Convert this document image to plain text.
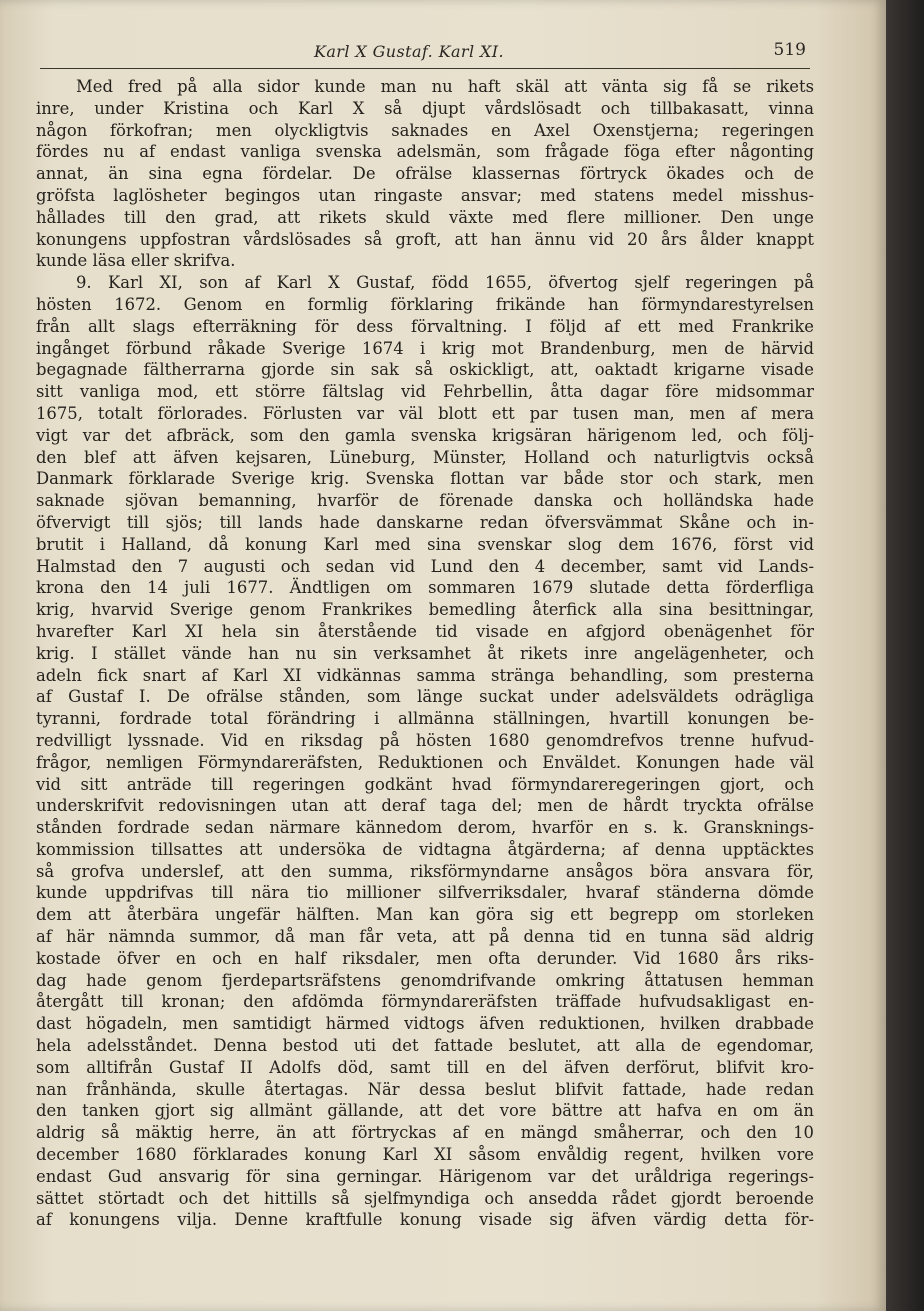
Karl X Gustaf. Karl XI.	519
Med fred på alla sidor kunde man nu haft skäl att vänta sig få se rikets
inre, under Kristina och Karl X så djupt vårdslösadt och tillbakasatt, vinna
någon förkofran; men olyckligtvis saknades en Axel Oxenstjerna; regeringen
fördes nu af endast vanliga svenska adelsmän, som frågade föga efter någonting
annat, än sina egna fördelar. De ofrälse klassernas förtryck ökades och de
gröfsta laglösheter begingos utan ringaste ansvar; med statens medel misshus-
hållades till den grad, att rikets skuld växte med flere millioner. Den unge
konungens uppfostran vårdslösades så groft, att han ännu vid 20 års ålder knappt
kunde läsa eller skrifva.
9. Karl XI, son af Karl X Gustaf, född 1655, öfvertog sjelf regeringen på
hösten 1672. Genom en formlig förklaring frikände han förmyndarestyrelsen
från allt slags efterräkning för dess förvaltning. I följd af ett med Frankrike
ingånget förbund råkade Sverige 1674 i krig mot Brandenburg, men de härvid
begagnade fältherrarna gjorde sin sak så oskickligt, att, oaktadt krigarne visade
sitt vanliga mod, ett större fältslag vid Fehrbellin, åtta dagar före midsommar
1675, totalt förlorades. Förlusten var väl blott ett par tusen man, men af mera
vigt var det afbräck, som den gamla svenska krigsäran härigenom led, och följ-
den blef att äfven kejsaren, Lüneburg, Münster, Holland och naturligtvis också
Danmark förklarade Sverige krig. Svenska flottan var både stor och stark, men
saknade sjövan bemanning, hvarför de förenade danska och holländska hade
öfvervigt till sjös; till lands hade danskarne redan öfversvämmat Skåne och in-
brutit i Halland, då konung Karl med sina svenskar slog dem 1676, först vid
Halmstad den 7 augusti och sedan vid Lund den 4 december, samt vid Lands-
krona den 14 juli 1677. Ändtligen om sommaren 1679 slutade detta förderfliga
krig, hvarvid Sverige genom Frankrikes bemedling återfick alla sina besittningar,
hvarefter Karl XI hela sin återstående tid visade en afgjord obenägenhet för
krig. I stället vände han nu sin verksamhet åt rikets inre angelägenheter, och
adeln fick snart af Karl XI vidkännas samma stränga behandling, som presterna
af Gustaf I. De ofrälse stånden, som länge suckat under adelsväldets odrägliga
tyranni, fordrade total förändring i allmänna ställningen, hvartill konungen be-
redvilligt lyssnade. Vid en riksdag på hösten 1680 genomdrefvos trenne hufvud-
frågor, nemligen Förmyndareräfsten, Reduktionen och Enväldet. Konungen hade väl
vid sitt anträde till regeringen godkänt hvad förmyndareregeringen gjort, och
underskrifvit redovisningen utan att deraf taga del; men de hårdt tryckta ofrälse
stånden fordrade sedan närmare kännedom derom, hvarför en s. k. Gransknings-
kommission tillsattes att undersöka de vidtagna åtgärderna; af denna upptäcktes
så grofva underslef, att den summa, riksförmyndarne ansågos böra ansvara för,
kunde uppdrifvas till nära tio millioner silfverriksdaler, hvaraf ständerna dömde
dem att återbära ungefär hälften. Man kan göra sig ett begrepp om storleken
af här nämnda summor, då man får veta, att på denna tid en tunna säd aldrig
kostade öfver en och en half riksdaler, men ofta derunder. Vid 1680 års riks-
dag hade genom fjerdepartsräfstens genomdrifvande omkring åttatusen hemman
återgått till kronan; den afdömda förmyndareräfsten träffade hufvudsakligast en-
dast högadeln, men samtidigt härmed vidtogs äfven reduktionen, hvilken drabbade
hela adelsståndet. Denna bestod uti det fattade beslutet, att alla de egendomar,
som alltifrån Gustaf II Adolfs död, samt till en del äfven derförut, blifvit kro-
nan frånhända, skulle återtagas. När dessa beslut blifvit fattade, hade redan
den tanken gjort sig allmänt gällande, att det vore bättre att hafva en om än
aldrig så mäktig herre, än att förtryckas af en mängd småherrar, och den 10
december 1680 förklarades konung Karl XI såsom envåldig regent, hvilken vore
endast Gud ansvarig för sina gerningar. Härigenom var det uråldriga regerings-
sättet störtadt och det hittills så sjelfmyndiga och ansedda rådet gjordt beroende
af konungens vilja. Denne kraftfulle konung visade sig äfven värdig detta för-
